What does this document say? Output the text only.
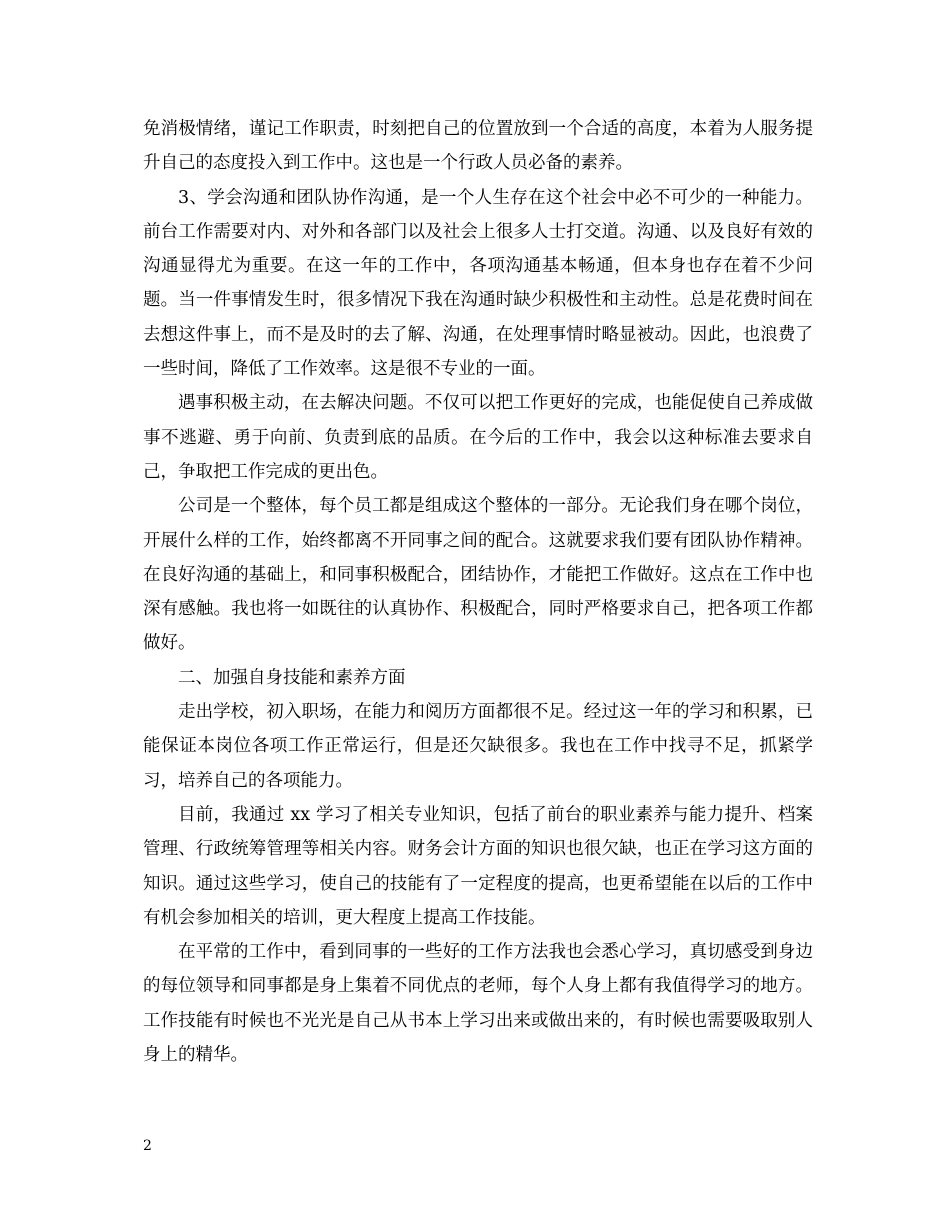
免消极情绪，谨记工作职责，时刻把自己的位置放到一个合适的高度，本着为人服务提升自己的态度投入到工作中。这也是一个行政人员必备的素养。

3、学会沟通和团队协作沟通，是一个人生存在这个社会中必不可少的一种能力。前台工作需要对内、对外和各部门以及社会上很多人士打交道。沟通、以及良好有效的沟通显得尤为重要。在这一年的工作中，各项沟通基本畅通，但本身也存在着不少问题。当一件事情发生时，很多情况下我在沟通时缺少积极性和主动性。总是花费时间在去想这件事上，而不是及时的去了解、沟通，在处理事情时略显被动。因此，也浪费了一些时间，降低了工作效率。这是很不专业的一面。

遇事积极主动，在去解决问题。不仅可以把工作更好的完成，也能促使自己养成做事不逃避、勇于向前、负责到底的品质。在今后的工作中，我会以这种标准去要求自己，争取把工作完成的更出色。

公司是一个整体，每个员工都是组成这个整体的一部分。无论我们身在哪个岗位，开展什么样的工作，始终都离不开同事之间的配合。这就要求我们要有团队协作精神。在良好沟通的基础上，和同事积极配合，团结协作，才能把工作做好。这点在工作中也深有感触。我也将一如既往的认真协作、积极配合，同时严格要求自己，把各项工作都做好。

二、加强自身技能和素养方面

走出学校，初入职场，在能力和阅历方面都很不足。经过这一年的学习和积累，已能保证本岗位各项工作正常运行，但是还欠缺很多。我也在工作中找寻不足，抓紧学习，培养自己的各项能力。

目前，我通过 xx 学习了相关专业知识，包括了前台的职业素养与能力提升、档案管理、行政统筹管理等相关内容。财务会计方面的知识也很欠缺，也正在学习这方面的知识。通过这些学习，使自己的技能有了一定程度的提高，也更希望能在以后的工作中有机会参加相关的培训，更大程度上提高工作技能。

在平常的工作中，看到同事的一些好的工作方法我也会悉心学习，真切感受到身边的每位领导和同事都是身上集着不同优点的老师，每个人身上都有我值得学习的地方。工作技能有时候也不光光是自己从书本上学习出来或做出来的，有时候也需要吸取别人身上的精华。

2
